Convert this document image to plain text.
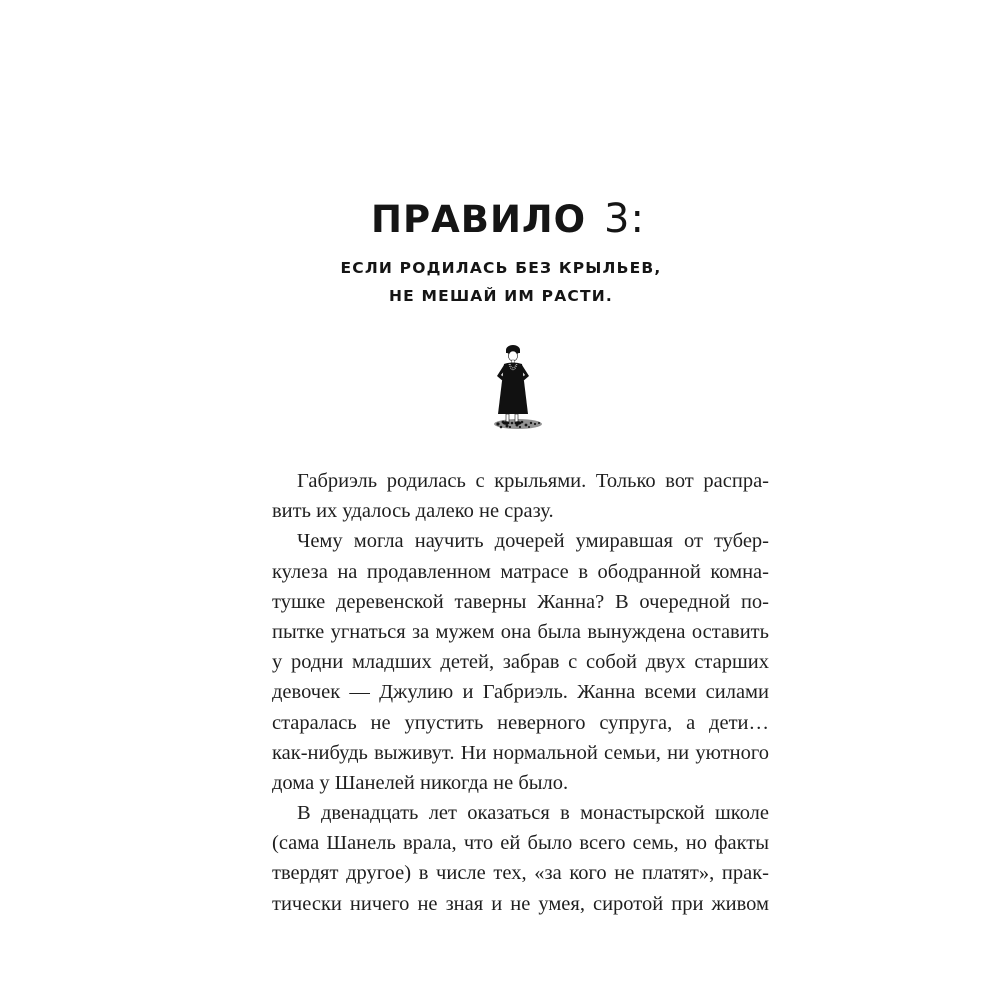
ПРАВИЛО 3:
ЕСЛИ РОДИЛАСЬ БЕЗ КРЫЛЬЕВ,
НЕ МЕШАЙ ИМ РАСТИ.
Габриэль родилась с крыльями. Только вот распра-
вить их удалось далеко не сразу.
Чему могла научить дочерей умиравшая от тубер-
кулеза на продавленном матрасе в ободранной комна-
тушке деревенской таверны Жанна? В очередной по-
пытке угнаться за мужем она была вынуждена оставить
у родни младших детей, забрав с собой двух старших
девочек — Джулию и Габриэль. Жанна всеми силами
старалась не упустить неверного супруга, а дети…
как-нибудь выживут. Ни нормальной семьи, ни уютного
дома у Шанелей никогда не было.
В двенадцать лет оказаться в монастырской школе
(сама Шанель врала, что ей было всего семь, но факты
твердят другое) в числе тех, «за кого не платят», прак-
тически ничего не зная и не умея, сиротой при живом
